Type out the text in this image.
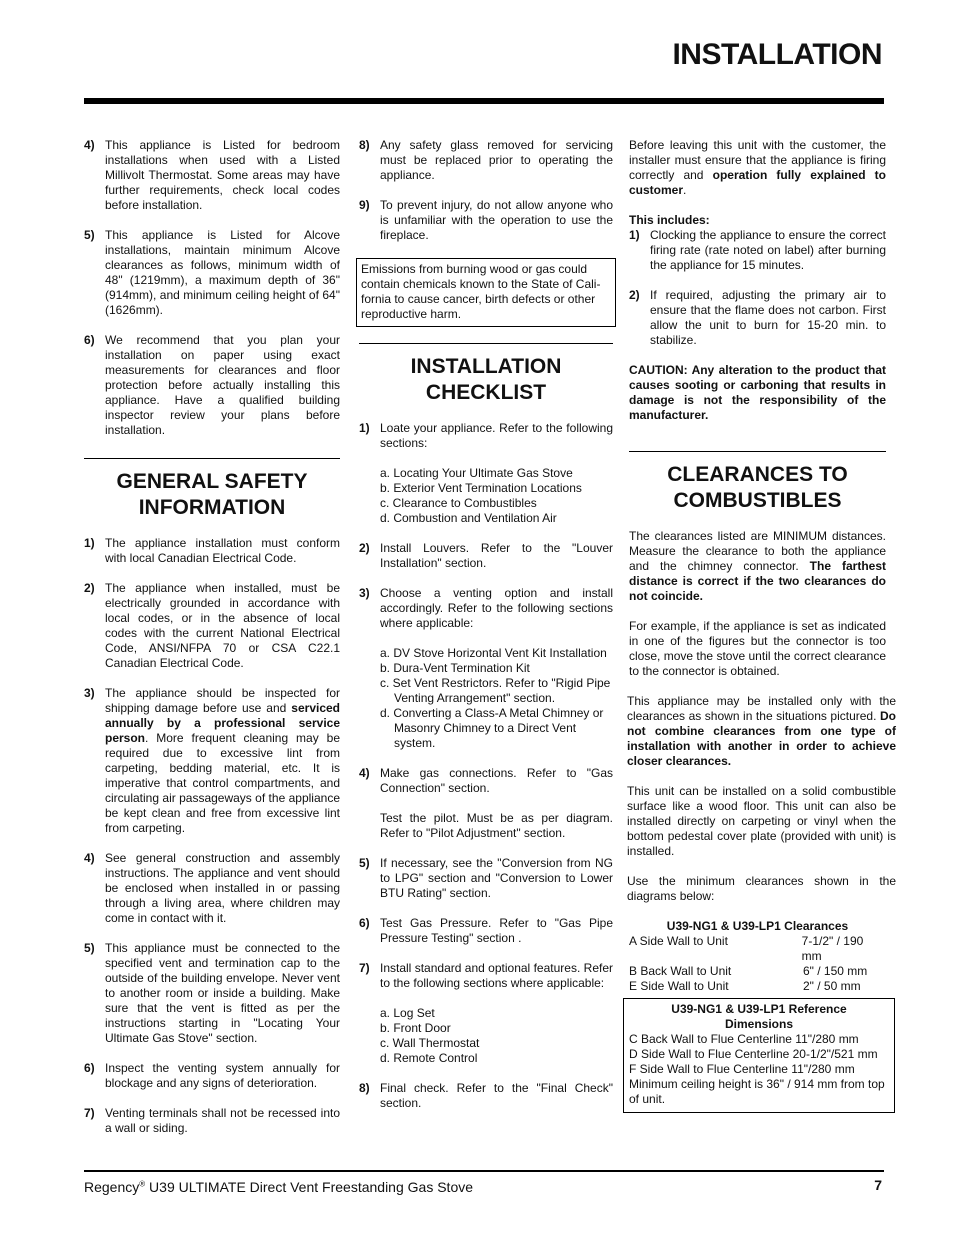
INSTALLATION
4) This appliance is Listed for bedroom installations when used with a Listed Millivolt Thermostat. Some areas may have further requirements, check local codes before installation.
5) This appliance is Listed for Alcove installations, maintain minimum Alcove clearances as follows, minimum width of 48" (1219mm), a maximum depth of 36" (914mm), and minimum ceiling height of 64"(1626mm).
6) We recommend that you plan your installation on paper using exact measurements for clearances and floor protection before actually installing this appliance. Have a qualified building inspector review your plans before installation.
GENERAL SAFETY
INFORMATION
1) The appliance installation must conform with local Canadian Electrical Code.
2) The appliance when installed, must be electrically grounded in accordance with local codes, or in the absence of local codes with the current National Electrical Code, ANSI/NFPA 70 or CSA C22.1 Canadian Electrical Code.
3) The appliance should be inspected for shipping damage before use and serviced annually by a professional service person. More frequent cleaning may be required due to excessive lint from carpeting, bedding material, etc. It is imperative that control compartments, and circulating air passageways of the appliance be kept clean and free from excessive lint from carpeting.
4) See general construction and assembly instructions. The appliance and vent should be enclosed when installed in or passing through a living area, where children may come in contact with it.
5) This appliance must be connected to the specified vent and termination cap to the outside of the building envelope. Never vent to another room or inside a building. Make sure that the vent is fitted as per the instructions starting in "Locating Your Ultimate Gas Stove" section.
6) Inspect the venting system annually for blockage and any signs of deterioration.
7) Venting terminals shall not be recessed into a wall or siding.
8) Any safety glass removed for servicing must be replaced prior to operating the appliance.
9) To prevent injury, do not allow anyone who is unfamiliar with the operation to use the fireplace.
Emissions from burning wood or gas could contain chemicals known to the State of Cali-fornia to cause cancer, birth defects or other reproductive harm.
INSTALLATION
CHECKLIST
1) Loate your appliance. Refer to the following sections:
a. Locating Your Ultimate Gas Stove
b. Exterior Vent Termination Locations
c. Clearance to Combustibles
d. Combustion and Ventilation Air
2) Install Louvers. Refer to the "Louver Installation" section.
3) Choose a venting option and install accordingly. Refer to the following sections where applicable:
a. DV Stove Horizontal Vent Kit Installation
b. Dura-Vent Termination Kit
c. Set Vent Restrictors. Refer to "Rigid Pipe Venting Arrangement" section.
d. Converting a Class-A Metal Chimney or Masonry Chimney to a Direct Vent system.
4) Make gas connections. Refer to "Gas Connection" section.
Test the pilot. Must be as per diagram. Refer to "Pilot Adjustment" section.
5) If necessary, see the "Conversion from NG to LPG" section and "Conversion to Lower BTU Rating" section.
6) Test Gas Pressure. Refer to "Gas Pipe Pressure Testing" section .
7) Install standard and optional features. Refer to the following sections where applicable:
a. Log Set
b. Front Door
c. Wall Thermostat
d. Remote Control
8) Final check. Refer to the "Final Check" section.
Before leaving this unit with the customer, the installer must ensure that the appliance is firing correctly and operation fully explained to customer.
This includes:
1) Clocking the appliance to ensure the correct firing rate (rate noted on label) after burning the appliance for 15 minutes.
2) If required, adjusting the primary air to ensure that the flame does not carbon. First allow the unit to burn for 15-20 min. to stabilize.
CAUTION: Any alteration to the product that causes sooting or carboning that results in damage is not the responsibility of the manufacturer.
CLEARANCES TO
COMBUSTIBLES
The clearances listed are MINIMUM distances. Measure the clearance to both the appliance and the chimney connector. The farthest distance is correct if the two clearances do not coincide.
For example, if the appliance is set as indicated in one of the figures but the connector is too close, move the stove until the correct clearance to the connector is obtained.
This appliance may be installed only with the clearances as shown in the situations pictured. Do not combine clearances from one type of installation with another in order to achieve closer clearances.
This unit can be installed on a solid combustible surface like a wood floor. This unit can also be installed directly on carpeting or vinyl when the bottom pedestal cover plate (provided with unit) is installed.
Use the minimum clearances shown in the diagrams below:
U39-NG1 & U39-LP1 Clearances
A Side Wall to Unit	7-1/2" / 190 mm
B Back Wall to Unit	6" / 150 mm
E Side Wall to Unit	2" / 50 mm
U39-NG1 & U39-LP1 Reference
Dimensions
C Back Wall to Flue Centerline 11"/280 mm
D Side Wall to Flue Centerline 20-1/2"/521 mm
F Side Wall to Flue Centerline 11"/280 mm
Minimum ceiling height is 36" / 914 mm from top of unit.
Regency® U39 ULTIMATE Direct Vent Freestanding Gas Stove	7
